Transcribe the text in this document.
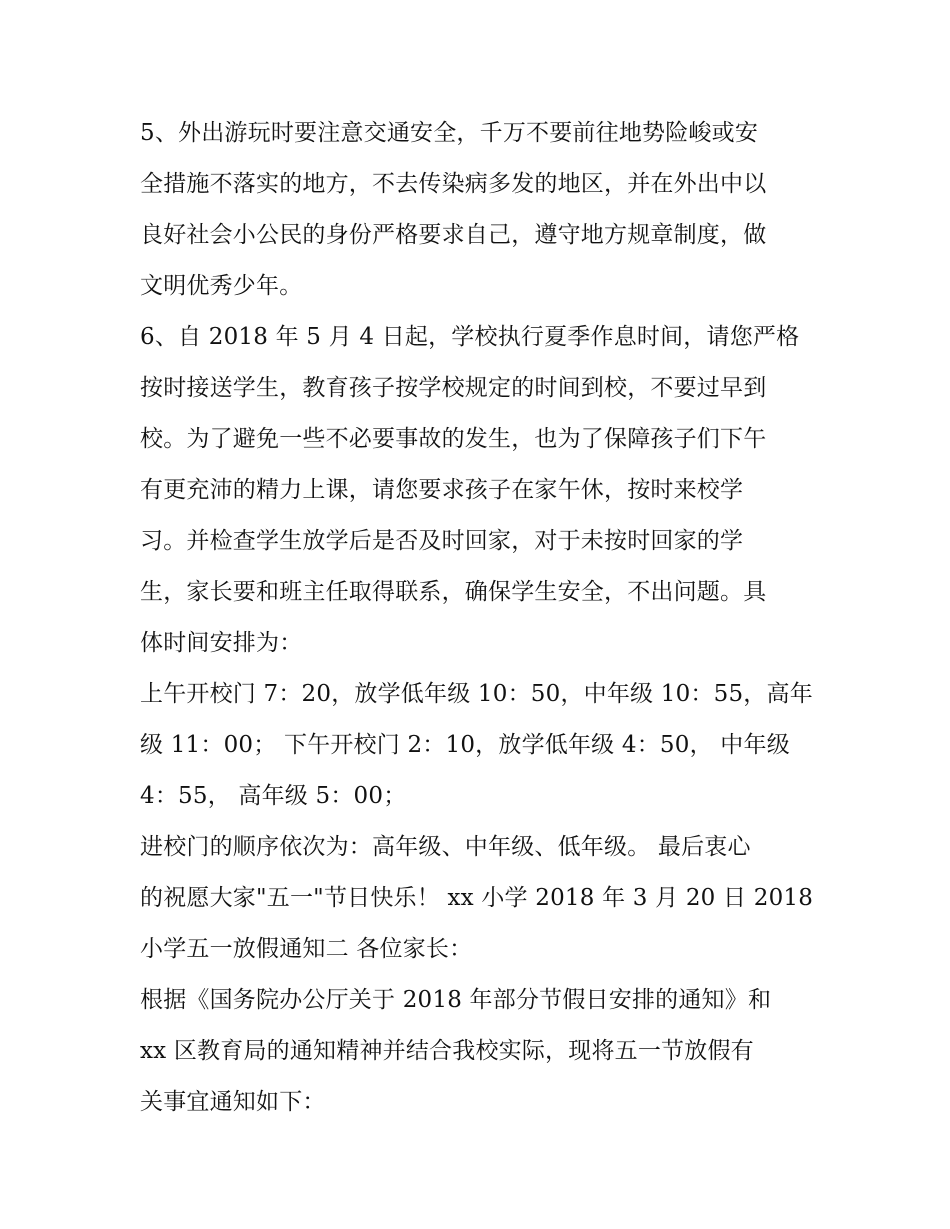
5、外出游玩时要注意交通安全，千万不要前往地势险峻或安
全措施不落实的地方，不去传染病多发的地区，并在外出中以
良好社会小公民的身份严格要求自己，遵守地方规章制度，做
文明优秀少年。
6、自 2018 年 5 月 4 日起，学校执行夏季作息时间，请您严格
按时接送学生，教育孩子按学校规定的时间到校，不要过早到
校。为了避免一些不必要事故的发生，也为了保障孩子们下午
有更充沛的精力上课，请您要求孩子在家午休，按时来校学
习。并检查学生放学后是否及时回家，对于未按时回家的学
生，家长要和班主任取得联系，确保学生安全，不出问题。具
体时间安排为：
上午开校门 7：20，放学低年级 10：50，中年级 10：55，高年
级 11：00； 下午开校门 2：10，放学低年级 4：50， 中年级
4：55， 高年级 5：00；
进校门的顺序依次为：高年级、中年级、低年级。 最后衷心
的祝愿大家"五一"节日快乐！ xx 小学 2018 年 3 月 20 日 2018
小学五一放假通知二 各位家长：
根据《国务院办公厅关于 2018 年部分节假日安排的通知》和
xx 区教育局的通知精神并结合我校实际，现将五一节放假有
关事宜通知如下：
